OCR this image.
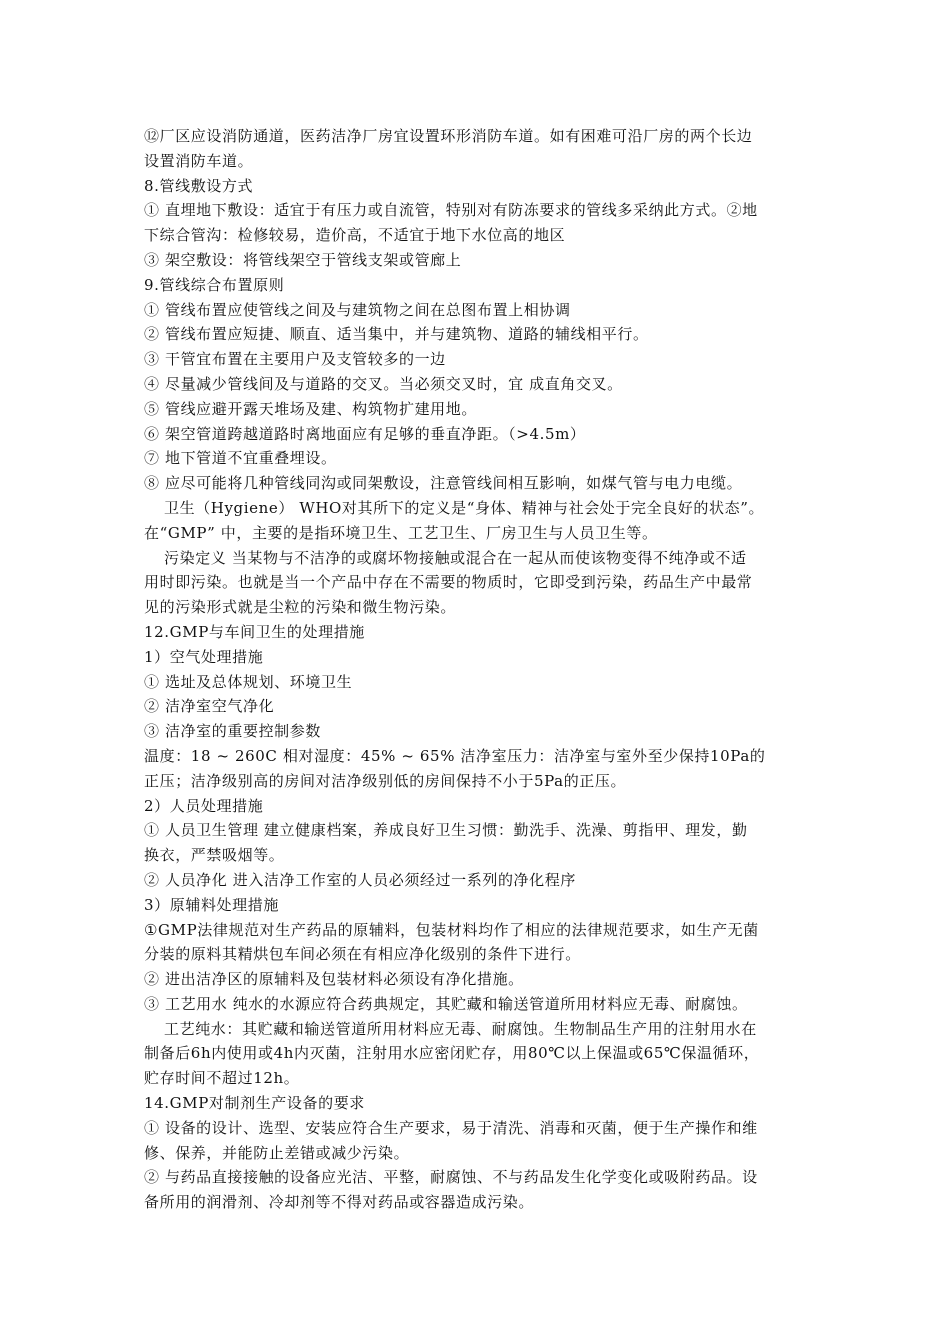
⑫厂区应设消防通道，医药洁净厂房宜设置环形消防车道。如有困难可沿厂房的两个长边
设置消防车道。
8.管线敷设方式
① 直埋地下敷设：适宜于有压力或自流管，特别对有防冻要求的管线多采纳此方式。②地
下综合管沟：检修较易，造价高，不适宜于地下水位高的地区
③ 架空敷设：将管线架空于管线支架或管廊上
9.管线综合布置原则
① 管线布置应使管线之间及与建筑物之间在总图布置上相协调
② 管线布置应短捷、顺直、适当集中，并与建筑物、道路的辅线相平行。
③ 干管宜布置在主要用户及支管较多的一边
④ 尽量减少管线间及与道路的交叉。当必须交叉时，宜 成直角交叉。
⑤ 管线应避开露天堆场及建、构筑物扩建用地。
⑥ 架空管道跨越道路时离地面应有足够的垂直净距。（>4.5m）
⑦ 地下管道不宜重叠埋设。
⑧ 应尽可能将几种管线同沟或同架敷设，注意管线间相互影响，如煤气管与电力电缆。
卫生（Hygiene） WHO对其所下的定义是“身体、精神与社会处于完全良好的状态”。
在“GMP” 中，主要的是指环境卫生、工艺卫生、厂房卫生与人员卫生等。
污染定义 当某物与不洁净的或腐坏物接触或混合在一起从而使该物变得不纯净或不适
用时即污染。也就是当一个产品中存在不需要的物质时，它即受到污染，药品生产中最常
见的污染形式就是尘粒的污染和微生物污染。
12.GMP与车间卫生的处理措施
1）空气处理措施
① 选址及总体规划、环境卫生
② 洁净室空气净化
③ 洁净室的重要控制参数
温度：18 ~ 260C 相对湿度：45% ~ 65% 洁净室压力：洁净室与室外至少保持10Pa的
正压；洁净级别高的房间对洁净级别低的房间保持不小于5Pa的正压。
2）人员处理措施
① 人员卫生管理 建立健康档案，养成良好卫生习惯：勤洗手、洗澡、剪指甲、理发，勤
换衣，严禁吸烟等。
② 人员净化 进入洁净工作室的人员必须经过一系列的净化程序
3）原辅料处理措施
①GMP法律规范对生产药品的原辅料，包装材料均作了相应的法律规范要求，如生产无菌
分装的原料其精烘包车间必须在有相应净化级别的条件下进行。
② 进出洁净区的原辅料及包装材料必须设有净化措施。
③ 工艺用水 纯水的水源应符合药典规定，其贮藏和输送管道所用材料应无毒、耐腐蚀。
工艺纯水：其贮藏和输送管道所用材料应无毒、耐腐蚀。生物制品生产用的注射用水在
制备后6h内使用或4h内灭菌，注射用水应密闭贮存，用80℃以上保温或65℃保温循环，
贮存时间不超过12h。
14.GMP对制剂生产设备的要求
① 设备的设计、选型、安装应符合生产要求，易于清洗、消毒和灭菌，便于生产操作和维
修、保养，并能防止差错或减少污染。
② 与药品直接接触的设备应光洁、平整，耐腐蚀、不与药品发生化学变化或吸附药品。设
备所用的润滑剂、冷却剂等不得对药品或容器造成污染。
